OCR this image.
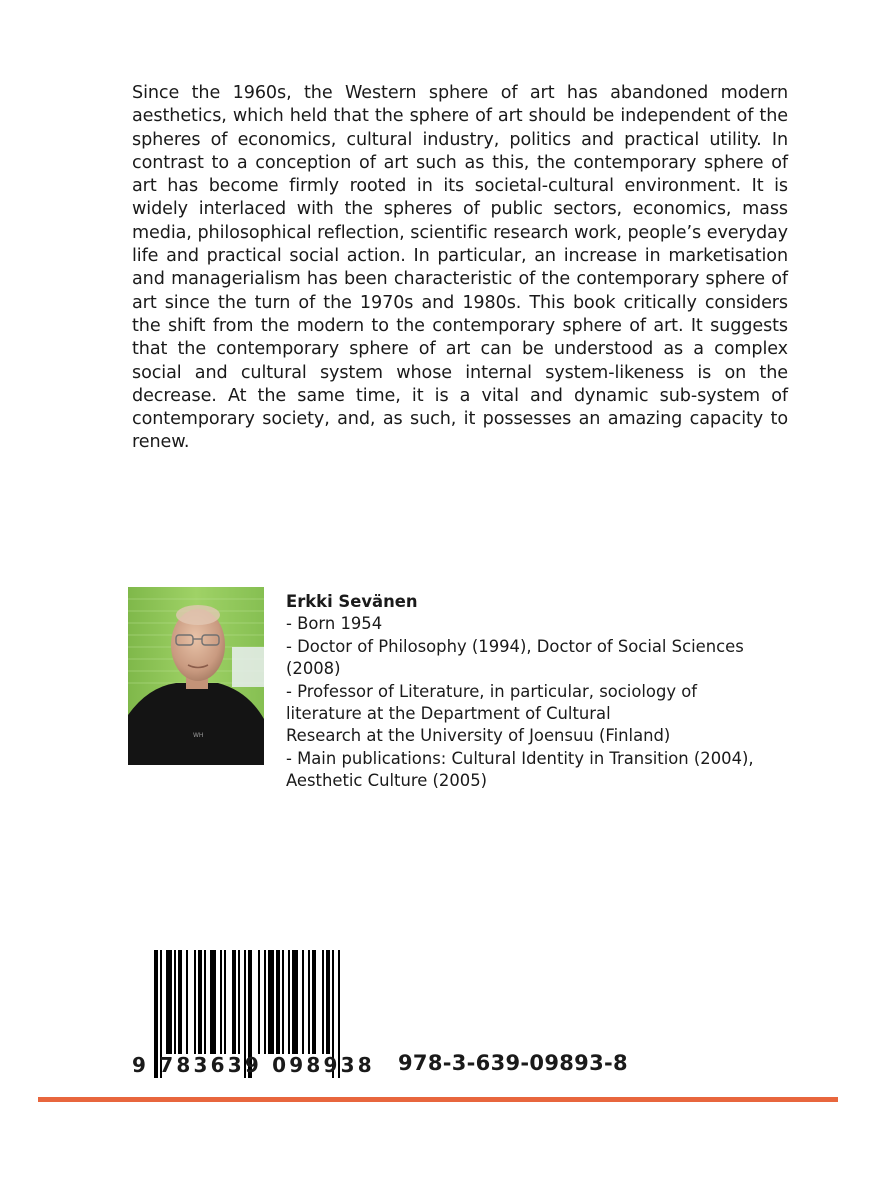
Since the 1960s, the Western sphere of art has abandoned modern aesthetics, which held that the sphere of art should be independent of the spheres of economics, cultural industry, politics and practical utility. In contrast to a conception of art such as this, the contemporary sphere of art has become firmly rooted in its societal-cultural environment. It is widely interlaced with the spheres of public sectors, economics, mass media, philosophical reflection, scientific research work, people’s everyday life and practical social action. In particular, an increase in marketisation and managerialism has been characteristic of the contemporary sphere of art since the turn of the 1970s and 1980s. This book critically considers the shift from the modern to the contemporary sphere of art. It suggests that the contemporary sphere of art can be understood as a complex social and cultural system whose internal system-likeness is on the decrease. At the same time, it is a vital and dynamic sub-system of contemporary society, and, as such, it possesses an amazing capacity to renew.

WH
Erkki Sevänen
- Born 1954
- Doctor of Philosophy (1994), Doctor of Social Sciences (2008)
- Professor of Literature, in particular, sociology of literature at the Department of Cultural
Research at the University of Joensuu (Finland)
- Main publications: Cultural Identity in Transition (2004), Aesthetic Culture (2005)
9 783639 098938 978-3-639-09893-8
